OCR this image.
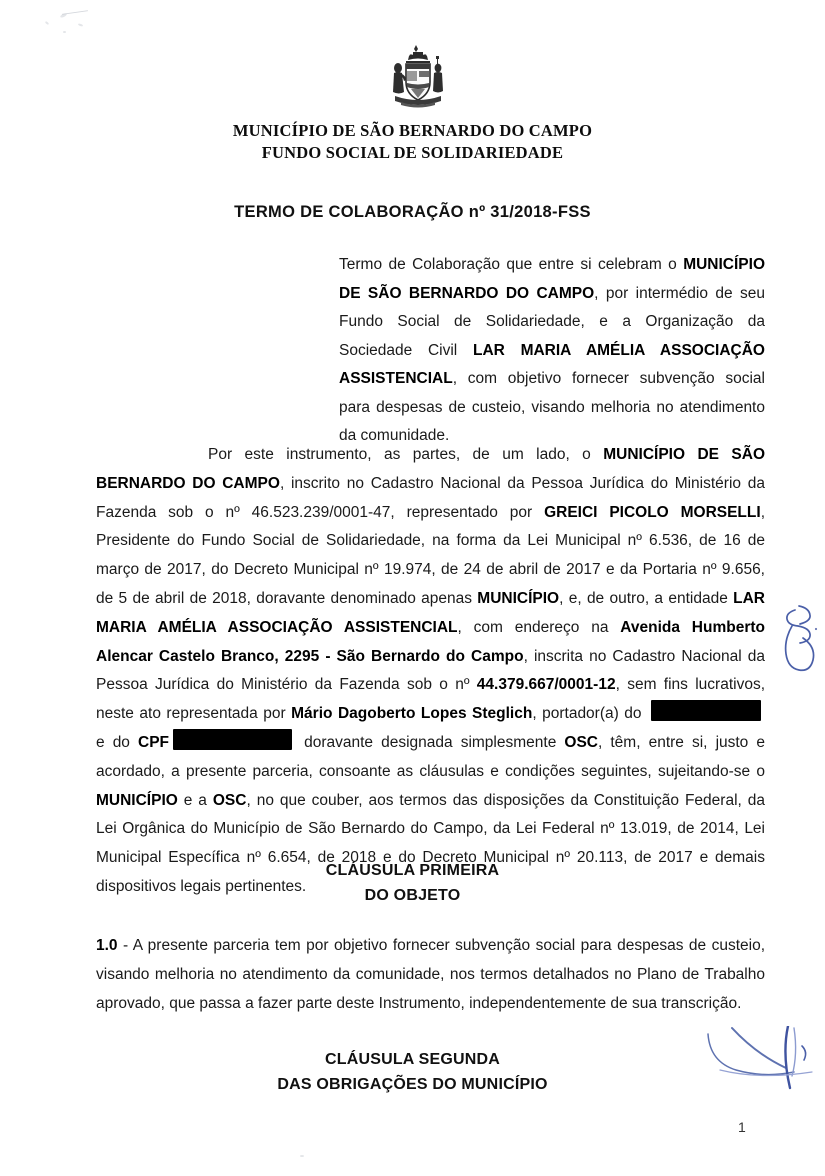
MUNICÍPIO DE SÃO BERNARDO DO CAMPO
FUNDO SOCIAL DE SOLIDARIEDADE
TERMO DE COLABORAÇÃO nº 31/2018-FSS
Termo de Colaboração que entre si celebram o MUNICÍPIO DE SÃO BERNARDO DO CAMPO, por intermédio de seu Fundo Social de Solidariedade, e a Organização da Sociedade Civil LAR MARIA AMÉLIA ASSOCIAÇÃO ASSISTENCIAL, com objetivo fornecer subvenção social para despesas de custeio, visando melhoria no atendimento da comunidade.
Por este instrumento, as partes, de um lado, o MUNICÍPIO DE SÃO BERNARDO DO CAMPO, inscrito no Cadastro Nacional da Pessoa Jurídica do Ministério da Fazenda sob o nº 46.523.239/0001-47, representado por GREICI PICOLO MORSELLI, Presidente do Fundo Social de Solidariedade, na forma da Lei Municipal nº 6.536, de 16 de março de 2017, do Decreto Municipal nº 19.974, de 24 de abril de 2017 e da Portaria nº 9.656, de 5 de abril de 2018, doravante denominado apenas MUNICÍPIO, e, de outro, a entidade LAR MARIA AMÉLIA ASSOCIAÇÃO ASSISTENCIAL, com endereço na Avenida Humberto Alencar Castelo Branco, 2295 - São Bernardo do Campo, inscrita no Cadastro Nacional da Pessoa Jurídica do Ministério da Fazenda sob o nº 44.379.667/0001-12, sem fins lucrativos, neste ato representada por Mário Dagoberto Lopes Steglich, portador(a) do  e do CPF	doravante designada simplesmente OSC, têm, entre si, justo e acordado, a presente parceria, consoante as cláusulas e condições seguintes, sujeitando-se o MUNICÍPIO e a OSC, no que couber, aos termos das disposições da Constituição Federal, da Lei Orgânica do Município de São Bernardo do Campo, da Lei Federal nº 13.019, de 2014, Lei Municipal Específica nº 6.654, de 2018 e do Decreto Municipal nº 20.113, de 2017 e demais dispositivos legais pertinentes.
CLÁUSULA PRIMEIRA
DO OBJETO
1.0 - A presente parceria tem por objetivo fornecer subvenção social para despesas de custeio, visando melhoria no atendimento da comunidade, nos termos detalhados no Plano de Trabalho aprovado, que passa a fazer parte deste Instrumento, independentemente de sua transcrição.
CLÁUSULA SEGUNDA
DAS OBRIGAÇÕES DO MUNICÍPIO
1
